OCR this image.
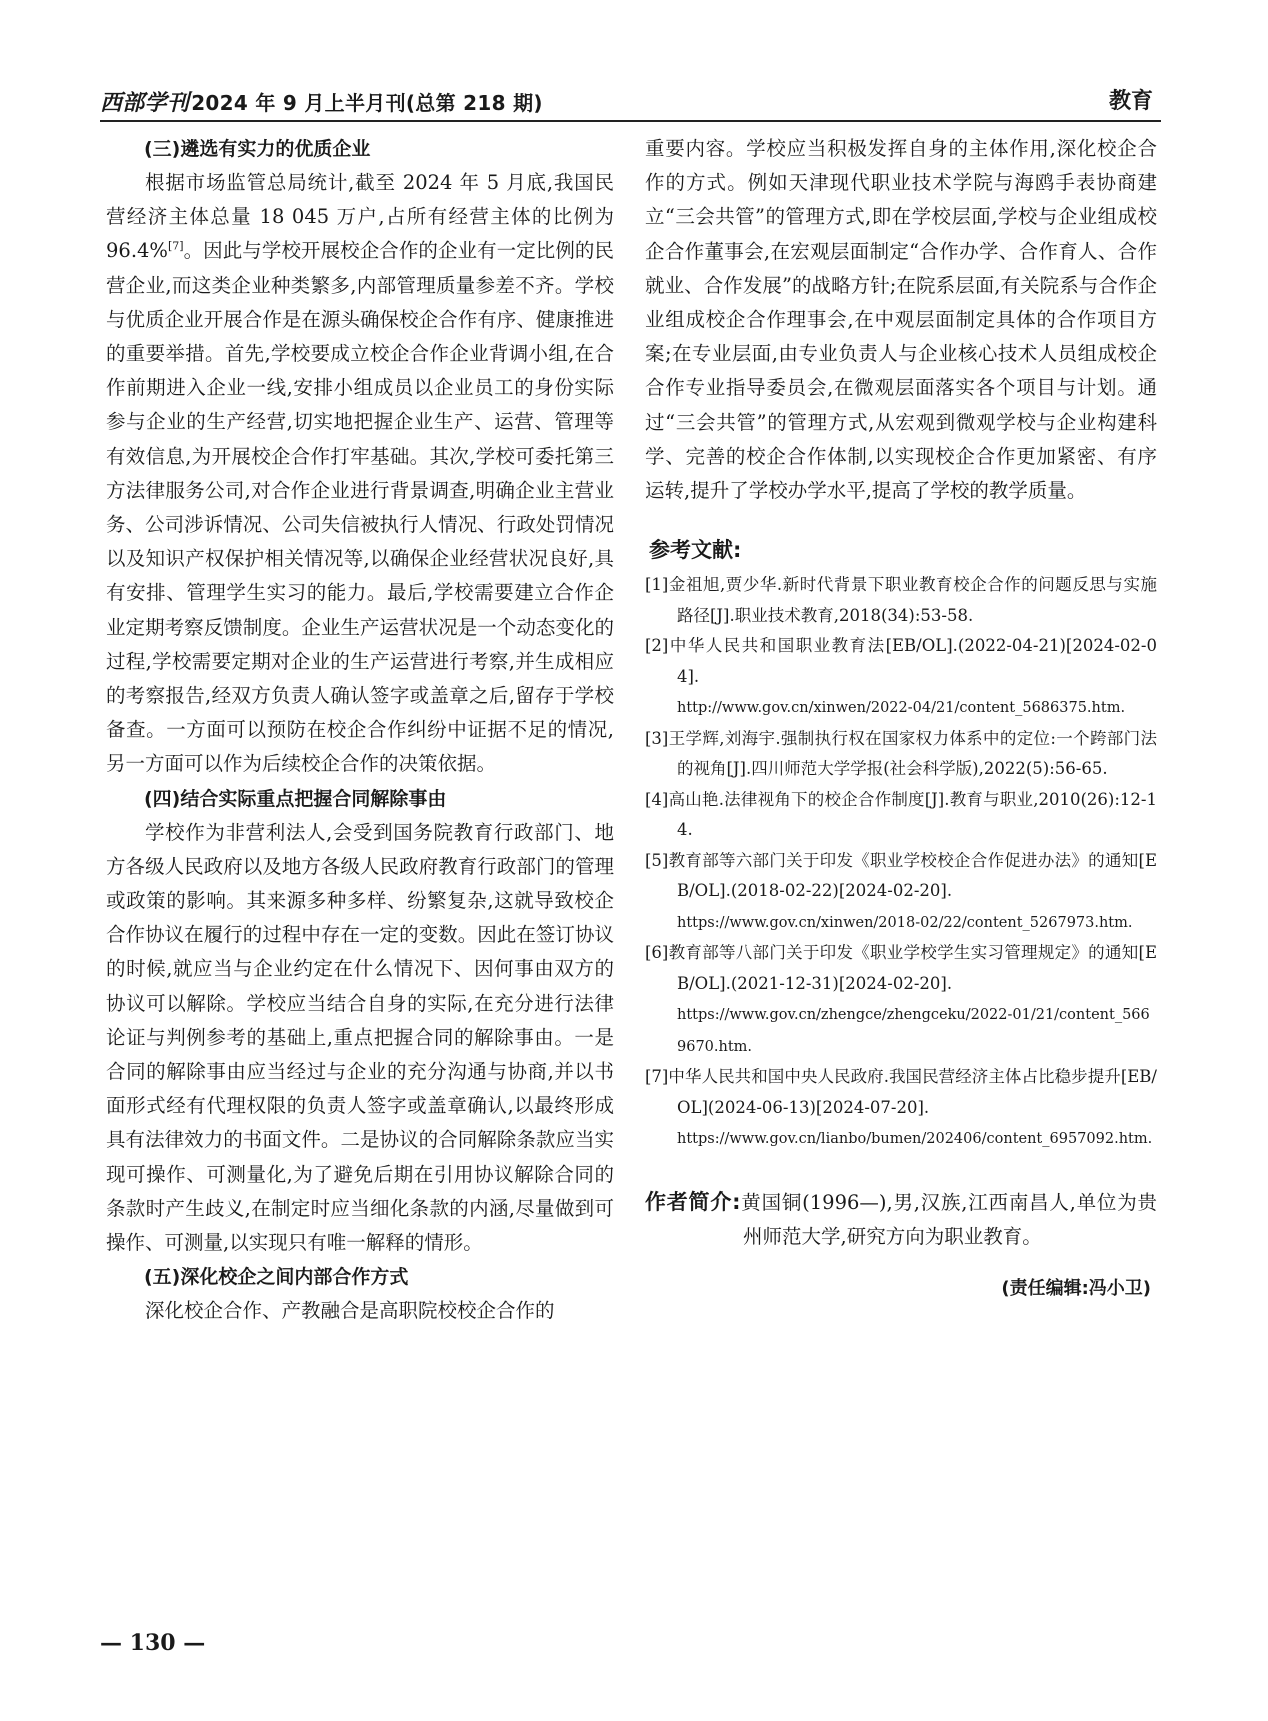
西部学刊 2024 年 9 月上半月刊(总第 218 期)	教育
(三)遴选有实力的优质企业

根据市场监管总局统计,截至 2024 年 5 月底,我国民营经济主体总量 18 045 万户,占所有经营主体的比例为 96.4%[7]。因此与学校开展校企合作的企业有一定比例的民营企业,而这类企业种类繁多,内部管理质量参差不齐。学校与优质企业开展合作是在源头确保校企合作有序、健康推进的重要举措。首先,学校要成立校企合作企业背调小组,在合作前期进入企业一线,安排小组成员以企业员工的身份实际参与企业的生产经营,切实地把握企业生产、运营、管理等有效信息,为开展校企合作打牢基础。其次,学校可委托第三方法律服务公司,对合作企业进行背景调查,明确企业主营业务、公司涉诉情况、公司失信被执行人情况、行政处罚情况以及知识产权保护相关情况等,以确保企业经营状况良好,具有安排、管理学生实习的能力。最后,学校需要建立合作企业定期考察反馈制度。企业生产运营状况是一个动态变化的过程,学校需要定期对企业的生产运营进行考察,并生成相应的考察报告,经双方负责人确认签字或盖章之后,留存于学校备查。一方面可以预防在校企合作纠纷中证据不足的情况,另一方面可以作为后续校企合作的决策依据。

(四)结合实际重点把握合同解除事由

学校作为非营利法人,会受到国务院教育行政部门、地方各级人民政府以及地方各级人民政府教育行政部门的管理或政策的影响。其来源多种多样、纷繁复杂,这就导致校企合作协议在履行的过程中存在一定的变数。因此在签订协议的时候,就应当与企业约定在什么情况下、因何事由双方的协议可以解除。学校应当结合自身的实际,在充分进行法律论证与判例参考的基础上,重点把握合同的解除事由。一是合同的解除事由应当经过与企业的充分沟通与协商,并以书面形式经有代理权限的负责人签字或盖章确认,以最终形成具有法律效力的书面文件。二是协议的合同解除条款应当实现可操作、可测量化,为了避免后期在引用协议解除合同的条款时产生歧义,在制定时应当细化条款的内涵,尽量做到可操作、可测量,以实现只有唯一解释的情形。

(五)深化校企之间内部合作方式

深化校企合作、产教融合是高职院校校企合作的

重要内容。学校应当积极发挥自身的主体作用,深化校企合作的方式。例如天津现代职业技术学院与海鸥手表协商建立“三会共管”的管理方式,即在学校层面,学校与企业组成校企合作董事会,在宏观层面制定“合作办学、合作育人、合作就业、合作发展”的战略方针;在院系层面,有关院系与合作企业组成校企合作理事会,在中观层面制定具体的合作项目方案;在专业层面,由专业负责人与企业核心技术人员组成校企合作专业指导委员会,在微观层面落实各个项目与计划。通过“三会共管”的管理方式,从宏观到微观学校与企业构建科学、完善的校企合作体制,以实现校企合作更加紧密、有序运转,提升了学校办学水平,提高了学校的教学质量。

参考文献:

[1]金祖旭,贾少华.新时代背景下职业教育校企合作的问题反思与实施路径[J].职业技术教育,2018(34):53-58.

[2]中华人民共和国职业教育法[EB/OL].(2022-04-21)[2024-02-04].
http://www.gov.cn/xinwen/2022-04/21/content_5686375.htm.

[3]王学辉,刘海宇.强制执行权在国家权力体系中的定位:一个跨部门法的视角[J].四川师范大学学报(社会科学版),2022(5):56-65.

[4]高山艳.法律视角下的校企合作制度[J].教育与职业,2010(26):12-14.

[5]教育部等六部门关于印发《职业学校校企合作促进办法》的通知[EB/OL].(2018-02-22)[2024-02-20].
https://www.gov.cn/xinwen/2018-02/22/content_5267973.htm.

[6]教育部等八部门关于印发《职业学校学生实习管理规定》的通知[EB/OL].(2021-12-31)[2024-02-20].
https://www.gov.cn/zhengce/zhengceku/2022-01/21/content_5669670.htm.

[7]中华人民共和国中央人民政府.我国民营经济主体占比稳步提升[EB/OL](2024-06-13)[2024-07-20].
https://www.gov.cn/lianbo/bumen/202406/content_6957092.htm.

作者简介:黄国铜(1996—),男,汉族,江西南昌人,单位为贵州师范大学,研究方向为职业教育。

(责任编辑:冯小卫)
— 130 —
